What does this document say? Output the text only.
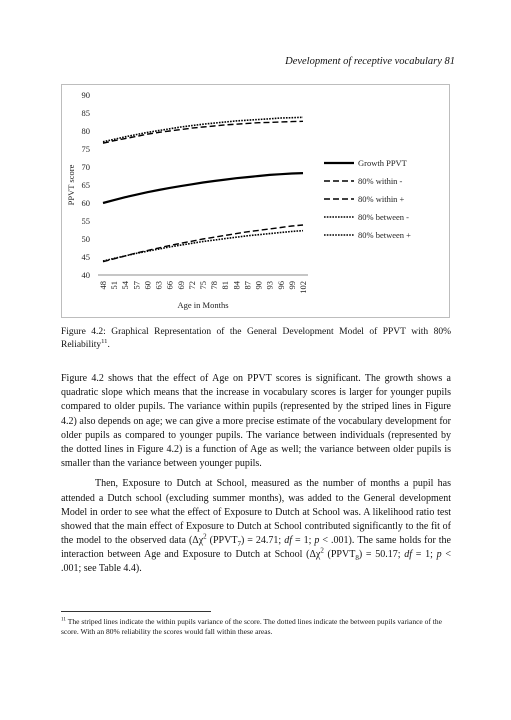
Development of receptive vocabulary 81
40
45
50
55
60
65
70
75
80
85
90
48 51 54 57 60 63 66 69 72 75 78 81 84 87 90 93 96 99 102
PPVT score
Age in Months
Growth PPVT
80% within -
80% within +
80% between -
80% between +
Figure 4.2: Graphical Representation of the General Development Model of PPVT with 80% Reliability$^{11}$.

Figure 4.2 shows that the effect of Age on PPVT scores is significant. The growth shows a quadratic slope which means that the increase in vocabulary scores is larger for younger pupils compared to older pupils. The variance within pupils (represented by the striped lines in Figure 4.2) also depends on age; we can give a more precise estimate of the vocabulary development for older pupils as compared to younger pupils. The variance between individuals (represented by the dotted lines in Figure 4.2) is a function of Age as well; the variance between older pupils is smaller than the variance between younger pupils.

Then, Exposure to Dutch at School, measured as the number of months a pupil has attended a Dutch school (excluding summer months), was added to the General development Model in order to see what the effect of Exposure to Dutch at School was. A likelihood ratio test showed that the main effect of Exposure to Dutch at School contributed significantly to the fit of the model to the observed data ($\Delta\chi^2$ $(PPVT_7) = 24.71$; df = 1; p < .001). The same holds for the interaction between Age and Exposure to Dutch at School ($\Delta\chi^2$ $(PPVT_8) = 50.17$; df = 1; p < .001; see Table 4.4).

$^{11}$ The striped lines indicate the within pupils variance of the score. The dotted lines indicate the between pupils variance of the score. With an 80% reliability the scores would fall within these areas.
